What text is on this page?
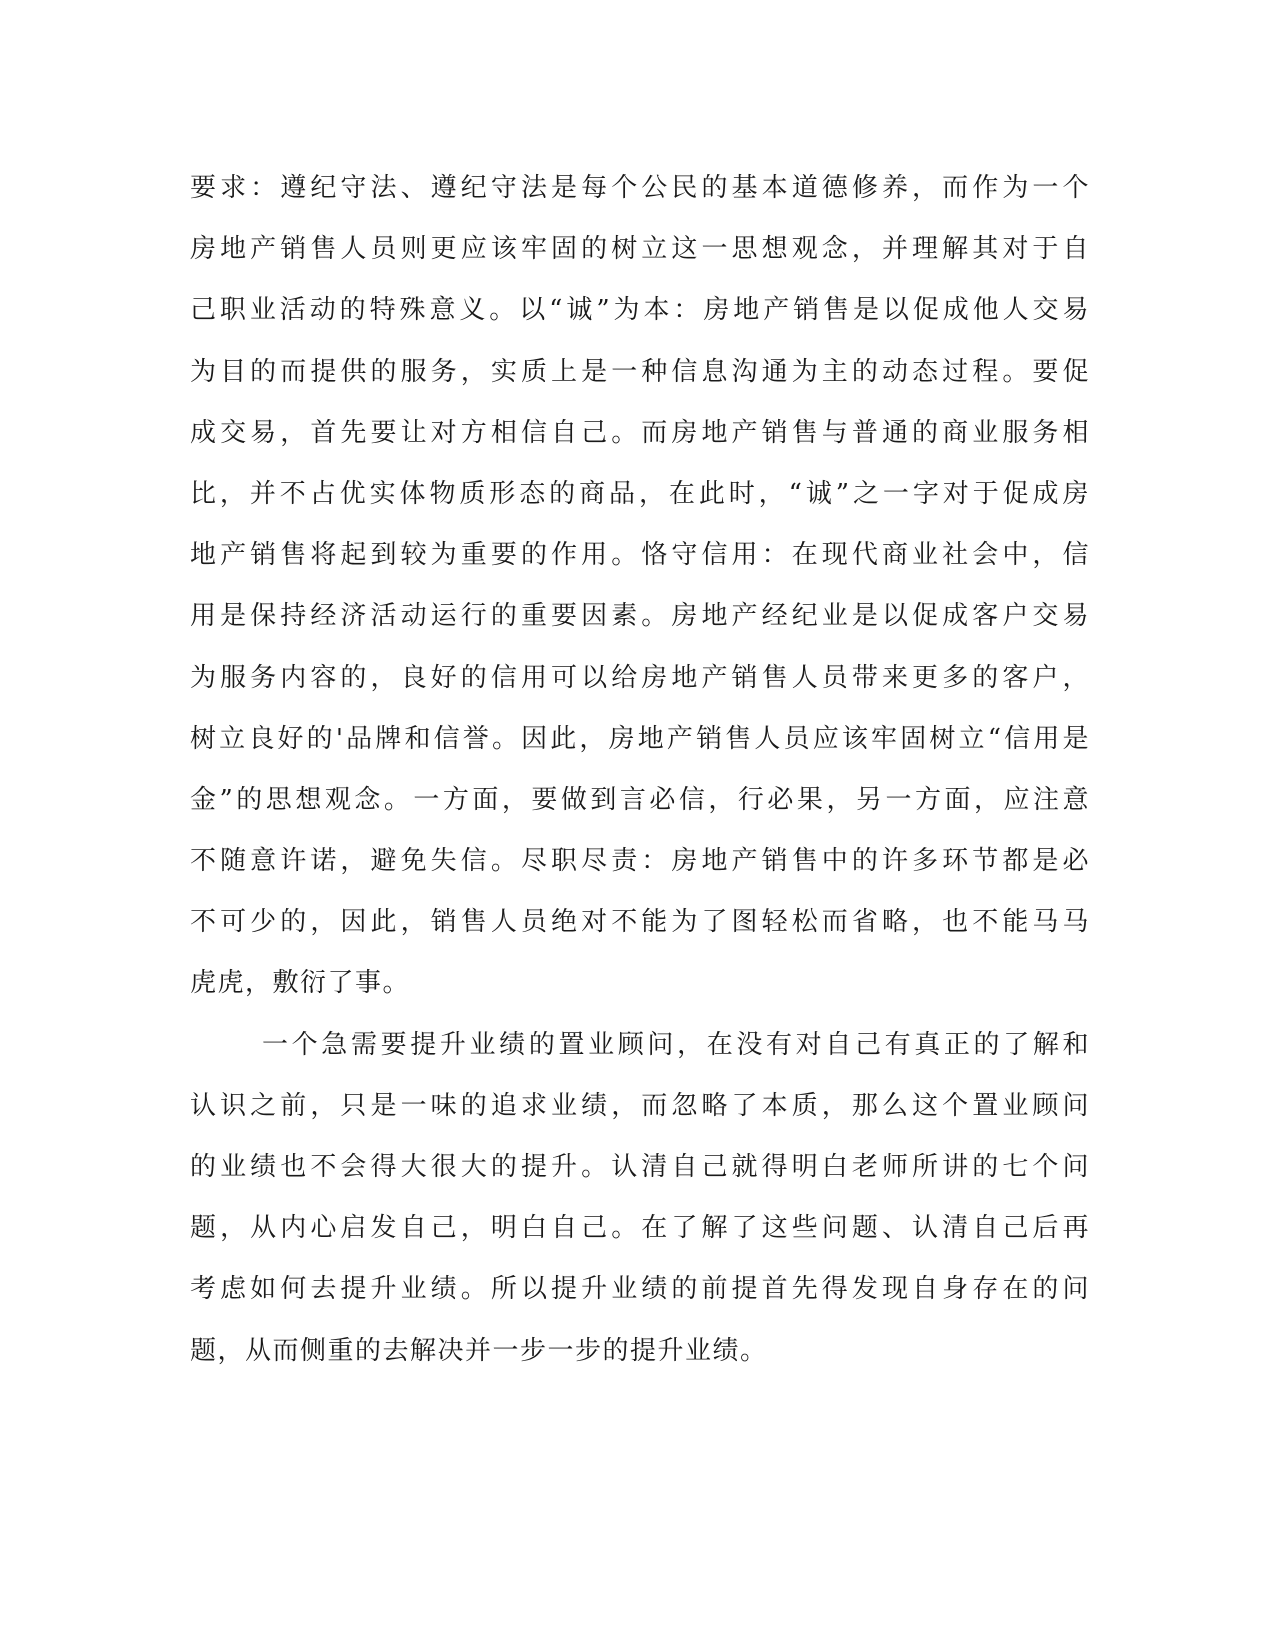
要求：遵纪守法、遵纪守法是每个公民的基本道德修养，而作为一个
房地产销售人员则更应该牢固的树立这一思想观念，并理解其对于自
己职业活动的特殊意义。以“诚”为本：房地产销售是以促成他人交易
为目的而提供的服务，实质上是一种信息沟通为主的动态过程。要促
成交易，首先要让对方相信自己。而房地产销售与普通的商业服务相
比，并不占优实体物质形态的商品，在此时，“诚”之一字对于促成房
地产销售将起到较为重要的作用。恪守信用：在现代商业社会中，信
用是保持经济活动运行的重要因素。房地产经纪业是以促成客户交易
为服务内容的，良好的信用可以给房地产销售人员带来更多的客户，
树立良好的'品牌和信誉。因此，房地产销售人员应该牢固树立“信用是
金”的思想观念。一方面，要做到言必信，行必果，另一方面，应注意
不随意许诺，避免失信。尽职尽责：房地产销售中的许多环节都是必
不可少的，因此，销售人员绝对不能为了图轻松而省略，也不能马马
虎虎，敷衍了事。
一个急需要提升业绩的置业顾问，在没有对自己有真正的了解和
认识之前，只是一味的追求业绩，而忽略了本质，那么这个置业顾问
的业绩也不会得大很大的提升。认清自己就得明白老师所讲的七个问
题，从内心启发自己，明白自己。在了解了这些问题、认清自己后再
考虑如何去提升业绩。所以提升业绩的前提首先得发现自身存在的问
题，从而侧重的去解决并一步一步的提升业绩。
